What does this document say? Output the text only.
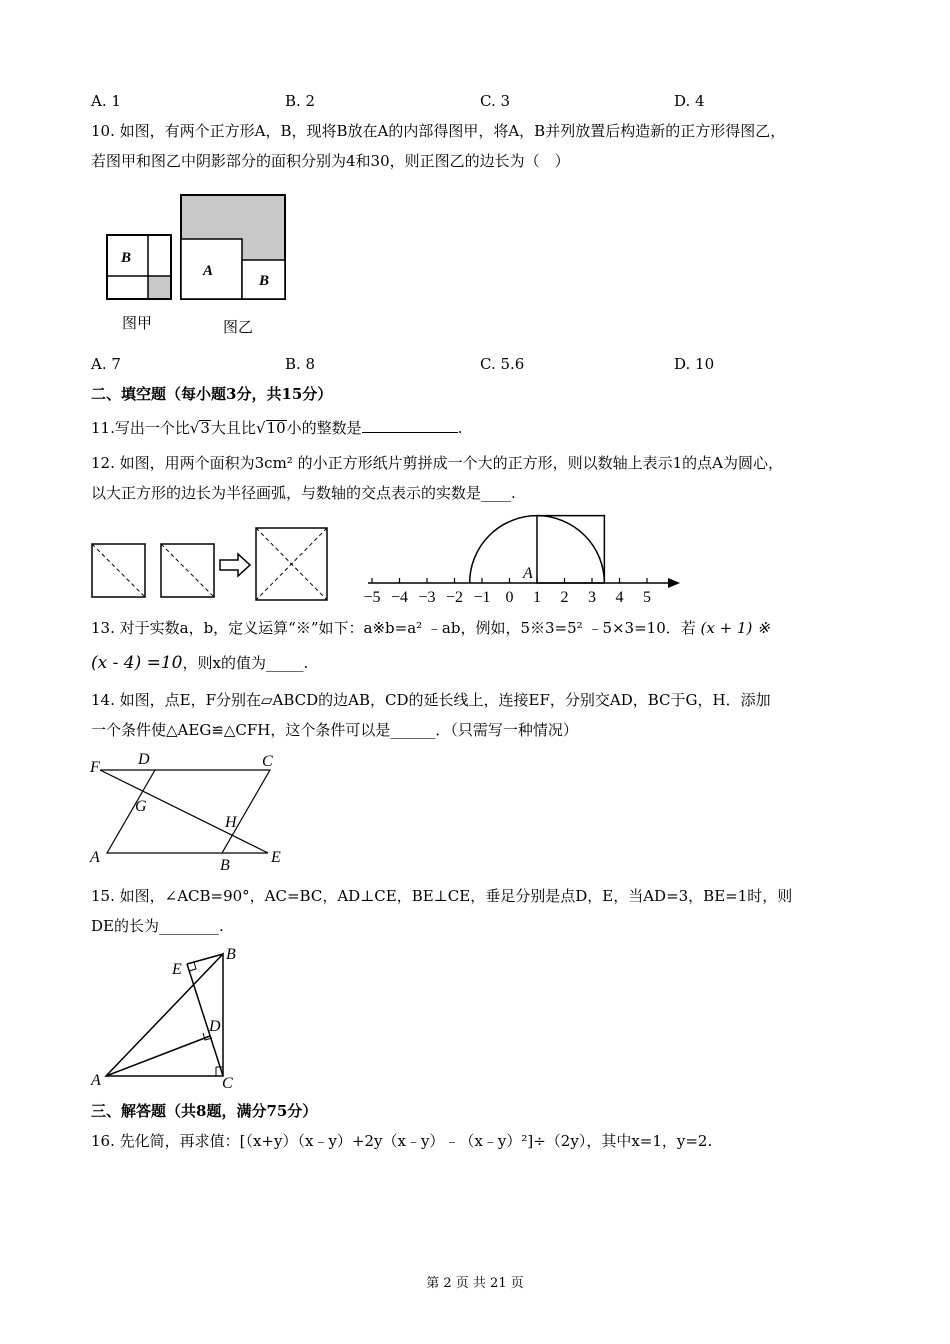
A. 1	B. 2	C. 3	D. 4
10. 如图，有两个正方形A，B，现将B放在A的内部得图甲，将A，B并列放置后构造新的正方形得图乙，
若图甲和图乙中阴影部分的面积分别为4和30，则正图乙的边长为（　）
B
A
B
图甲	图乙
A. 7	B. 8	C. 5.6	D. 10
二、填空题（每小题3分，共15分）
11.写出一个比√3大且比√10小的整数是	.
12. 如图，用两个面积为3cm² 的小正方形纸片剪拼成一个大的正方形，则以数轴上表示1的点A为圆心，
以大正方形的边长为半径画弧，与数轴的交点表示的实数是____.
−5 −4 −3 −2 −1 0 1 2 3 4 5
A
13. 对于实数a，b，定义运算“※”如下：a※b=a² ﹣ab，例如，5※3=5² ﹣5×3=10．若 (x + 1) ※
(x - 4) =10，则x的值为_____.
14. 如图，点E，F分别在▱ABCD的边AB，CD的延长线上，连接EF，分别交AD，BC于G，H．添加
一个条件使△AEG≌△CFH，这个条件可以是______．（只需写一种情况）
F D	C
G
H
A	B	E
15. 如图，∠ACB=90°，AC=BC，AD⊥CE，BE⊥CE，垂足分别是点D，E，当AD=3，BE=1时，则
DE的长为________.
E
B
D
A	C
三、解答题（共8题，满分75分）
16. 先化简，再求值：[（x+y）（x﹣y）+2y（x﹣y）﹣（x﹣y）²]÷（2y），其中x=1，y=2.
第 2 页 共 21 页
